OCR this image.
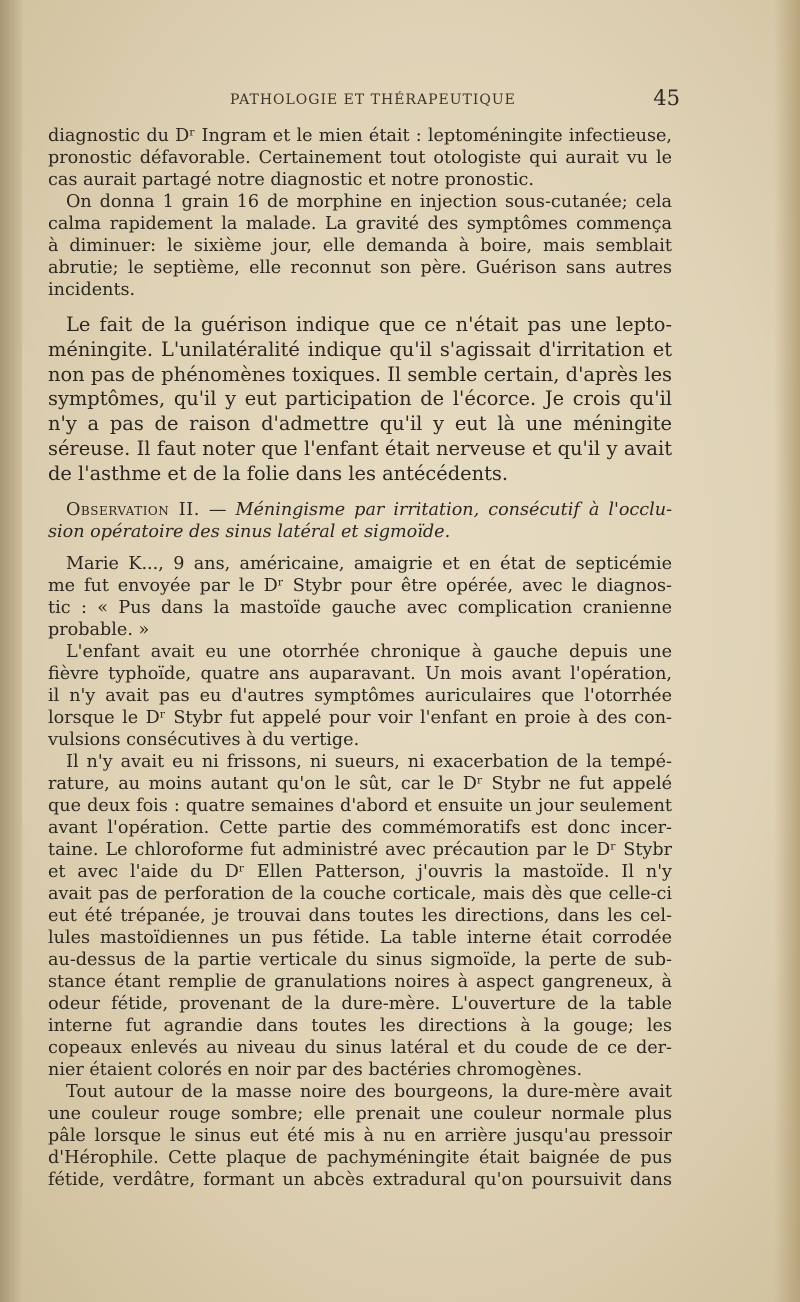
PATHOLOGIE ET THÉRAPEUTIQUE	45
diagnostic du Dʳ Ingram et le mien était : leptoméningite infectieuse,
pronostic défavorable. Certainement tout otologiste qui aurait vu le
cas aurait partagé notre diagnostic et notre pronostic.
On donna 1 grain 16 de morphine en injection sous-cutanée; cela
calma rapidement la malade. La gravité des symptômes commença
à diminuer: le sixième jour, elle demanda à boire, mais semblait
abrutie; le septième, elle reconnut son père. Guérison sans autres
incidents.
Le fait de la guérison indique que ce n'était pas une lepto-
méningite. L'unilatéralité indique qu'il s'agissait d'irritation et
non pas de phénomènes toxiques. Il semble certain, d'après les
symptômes, qu'il y eut participation de l'écorce. Je crois qu'il
n'y a pas de raison d'admettre qu'il y eut là une méningite
séreuse. Il faut noter que l'enfant était nerveuse et qu'il y avait
de l'asthme et de la folie dans les antécédents.
Observation II. — Méningisme par irritation, consécutif à l'occlu-
sion opératoire des sinus latéral et sigmoïde.
Marie K..., 9 ans, américaine, amaigrie et en état de septicémie
me fut envoyée par le Dʳ Stybr pour être opérée, avec le diagnos-
tic : « Pus dans la mastoïde gauche avec complication cranienne
probable. »
L'enfant avait eu une otorrhée chronique à gauche depuis une
fièvre typhoïde, quatre ans auparavant. Un mois avant l'opération,
il n'y avait pas eu d'autres symptômes auriculaires que l'otorrhée
lorsque le Dʳ Stybr fut appelé pour voir l'enfant en proie à des con-
vulsions consécutives à du vertige.
Il n'y avait eu ni frissons, ni sueurs, ni exacerbation de la tempé-
rature, au moins autant qu'on le sût, car le Dʳ Stybr ne fut appelé
que deux fois : quatre semaines d'abord et ensuite un jour seulement
avant l'opération. Cette partie des commémoratifs est donc incer-
taine. Le chloroforme fut administré avec précaution par le Dʳ Stybr
et avec l'aide du Dʳ Ellen Patterson, j'ouvris la mastoïde. Il n'y
avait pas de perforation de la couche corticale, mais dès que celle-ci
eut été trépanée, je trouvai dans toutes les directions, dans les cel-
lules mastoïdiennes un pus fétide. La table interne était corrodée
au-dessus de la partie verticale du sinus sigmoïde, la perte de sub-
stance étant remplie de granulations noires à aspect gangreneux, à
odeur fétide, provenant de la dure-mère. L'ouverture de la table
interne fut agrandie dans toutes les directions à la gouge; les
copeaux enlevés au niveau du sinus latéral et du coude de ce der-
nier étaient colorés en noir par des bactéries chromogènes.
Tout autour de la masse noire des bourgeons, la dure-mère avait
une couleur rouge sombre; elle prenait une couleur normale plus
pâle lorsque le sinus eut été mis à nu en arrière jusqu'au pressoir
d'Hérophile. Cette plaque de pachyméningite était baignée de pus
fétide, verdâtre, formant un abcès extradural qu'on poursuivit dans
